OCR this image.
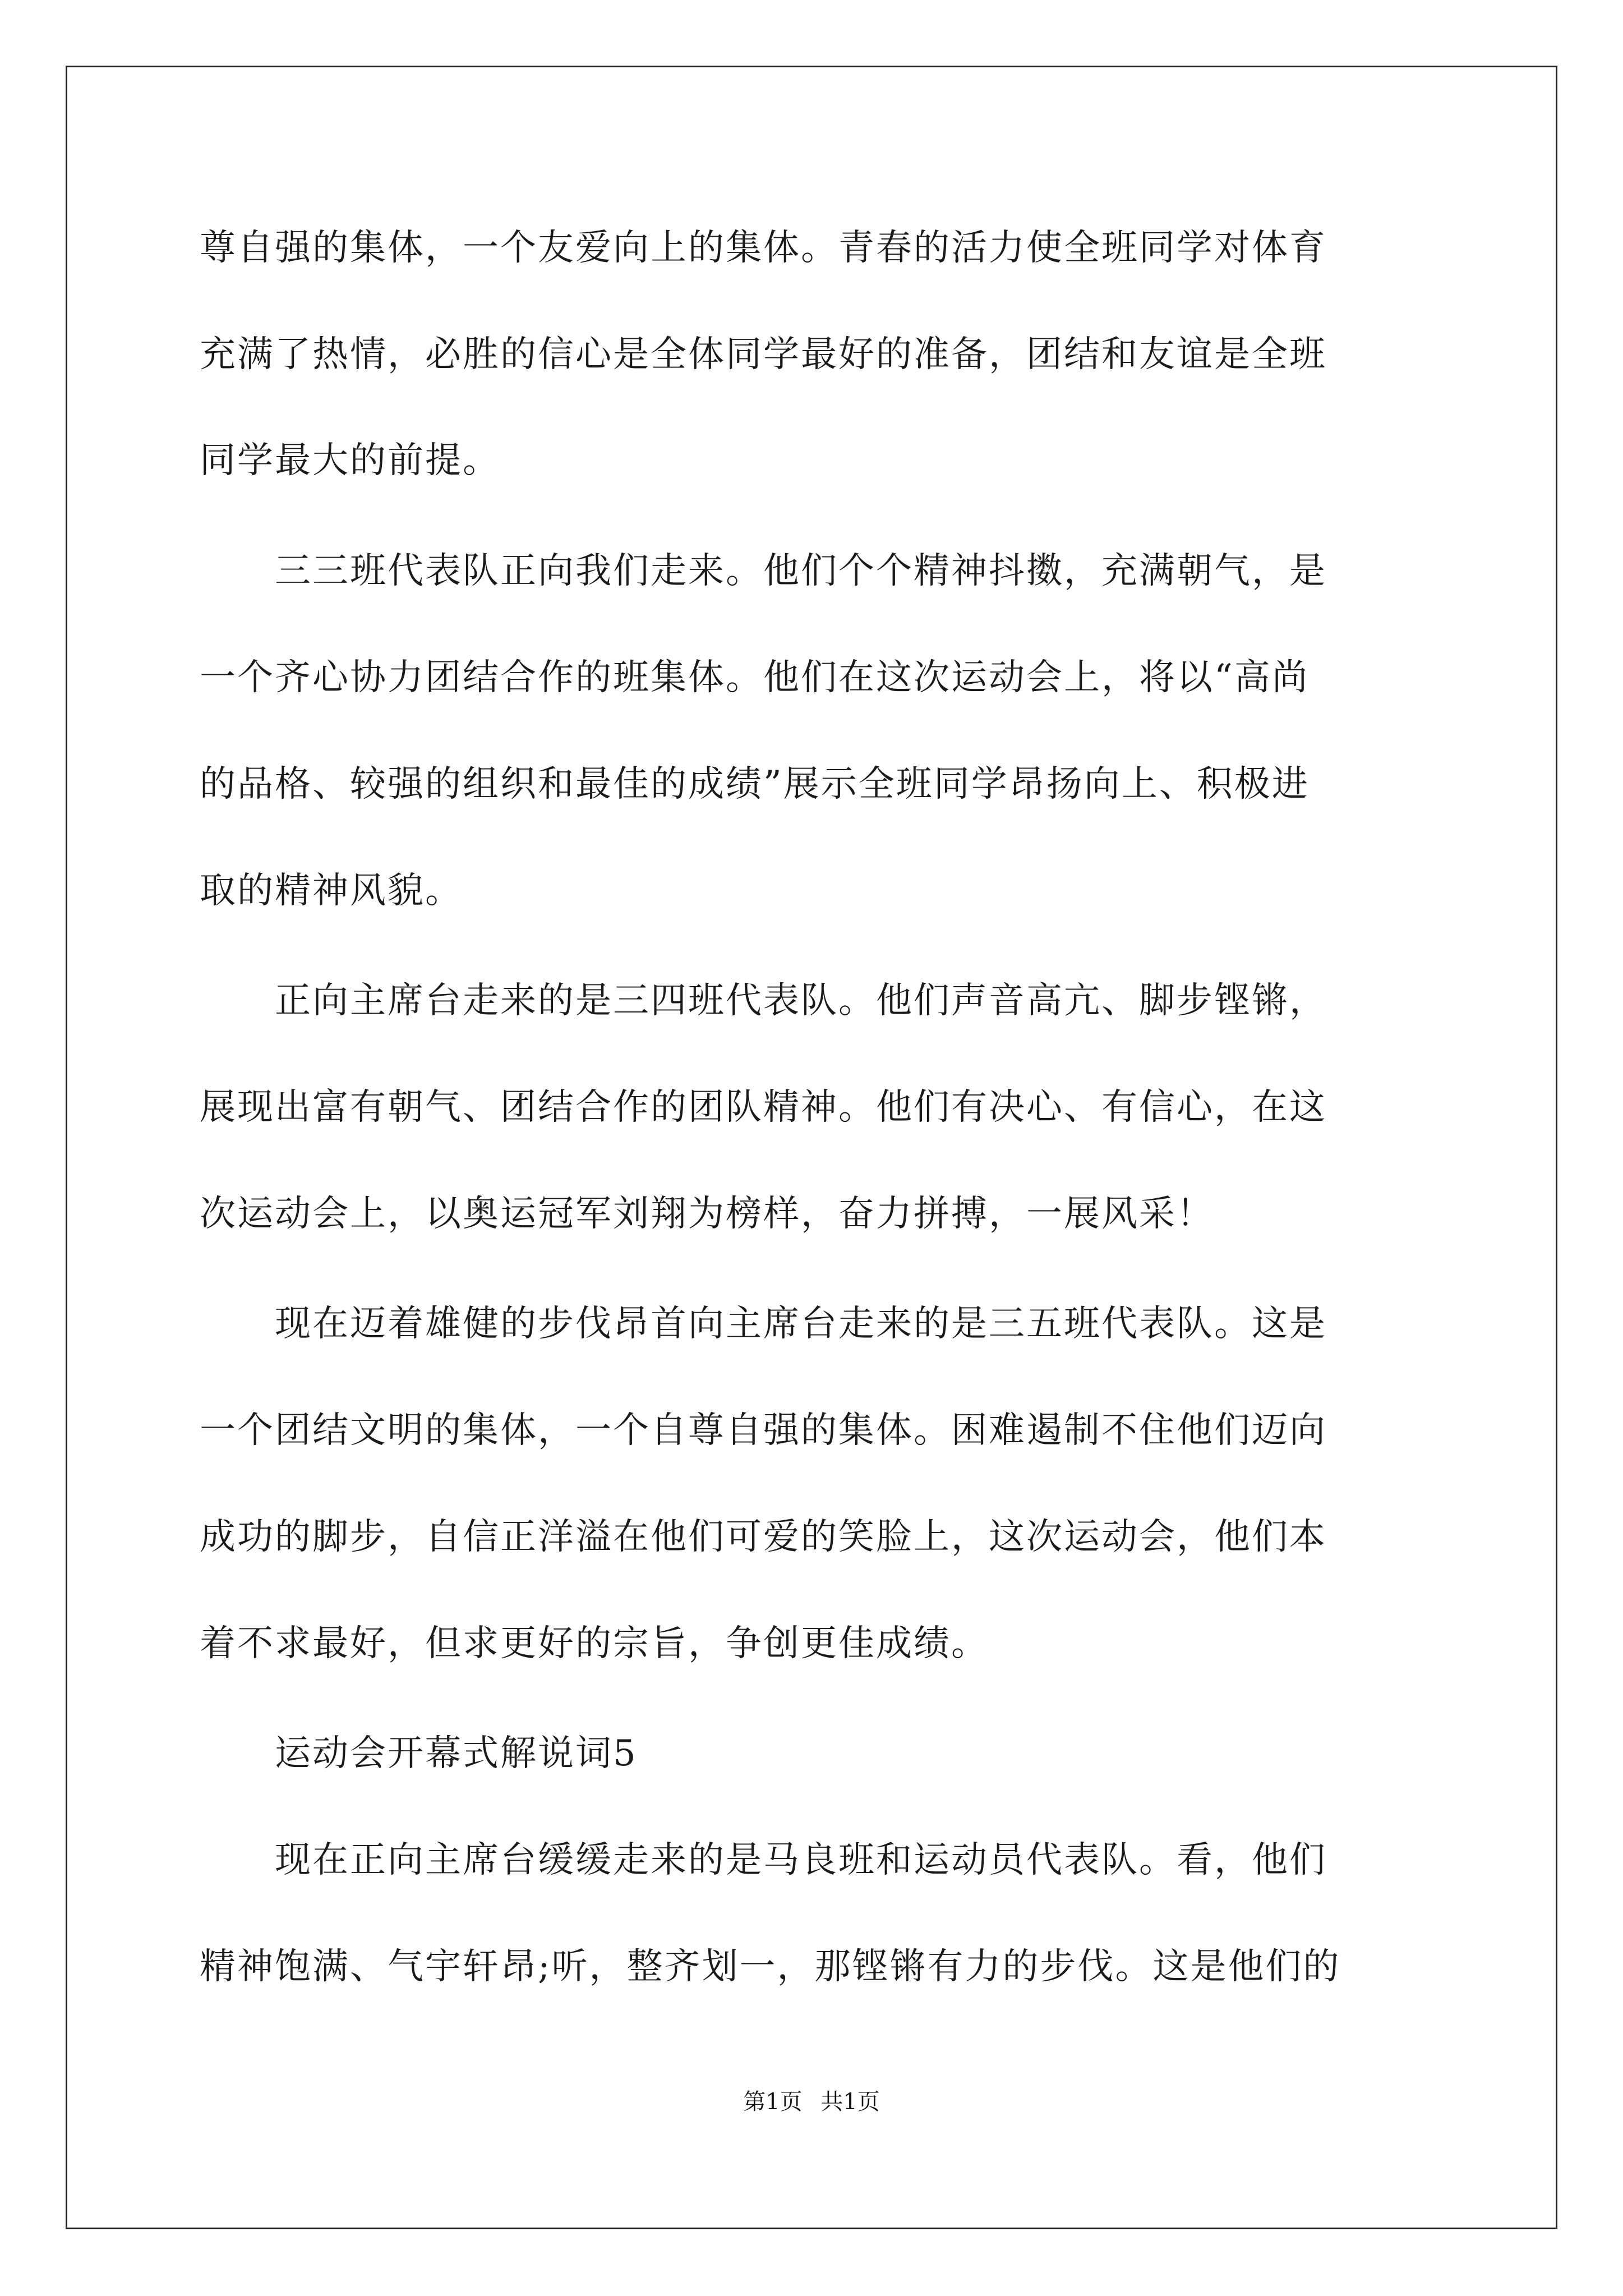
尊自强的集体，一个友爱向上的集体。青春的活力使全班同学对体育
充满了热情，必胜的信心是全体同学最好的准备，团结和友谊是全班
同学最大的前提。
　　三三班代表队正向我们走来。他们个个精神抖擞，充满朝气，是
一个齐心协力团结合作的班集体。他们在这次运动会上，将以“高尚
的品格、较强的组织和最佳的成绩”展示全班同学昂扬向上、积极进
取的精神风貌。
　　正向主席台走来的是三四班代表队。他们声音高亢、脚步铿锵，
展现出富有朝气、团结合作的团队精神。他们有决心、有信心，在这
次运动会上，以奥运冠军刘翔为榜样，奋力拼搏，一展风采！
　　现在迈着雄健的步伐昂首向主席台走来的是三五班代表队。这是
一个团结文明的集体，一个自尊自强的集体。困难遏制不住他们迈向
成功的脚步，自信正洋溢在他们可爱的笑脸上，这次运动会，他们本
着不求最好，但求更好的宗旨，争创更佳成绩。
　　运动会开幕式解说词5
　　现在正向主席台缓缓走来的是马良班和运动员代表队。看，他们
精神饱满、气宇轩昂;听，整齐划一，那铿锵有力的步伐。这是他们的
第1页 共1页
